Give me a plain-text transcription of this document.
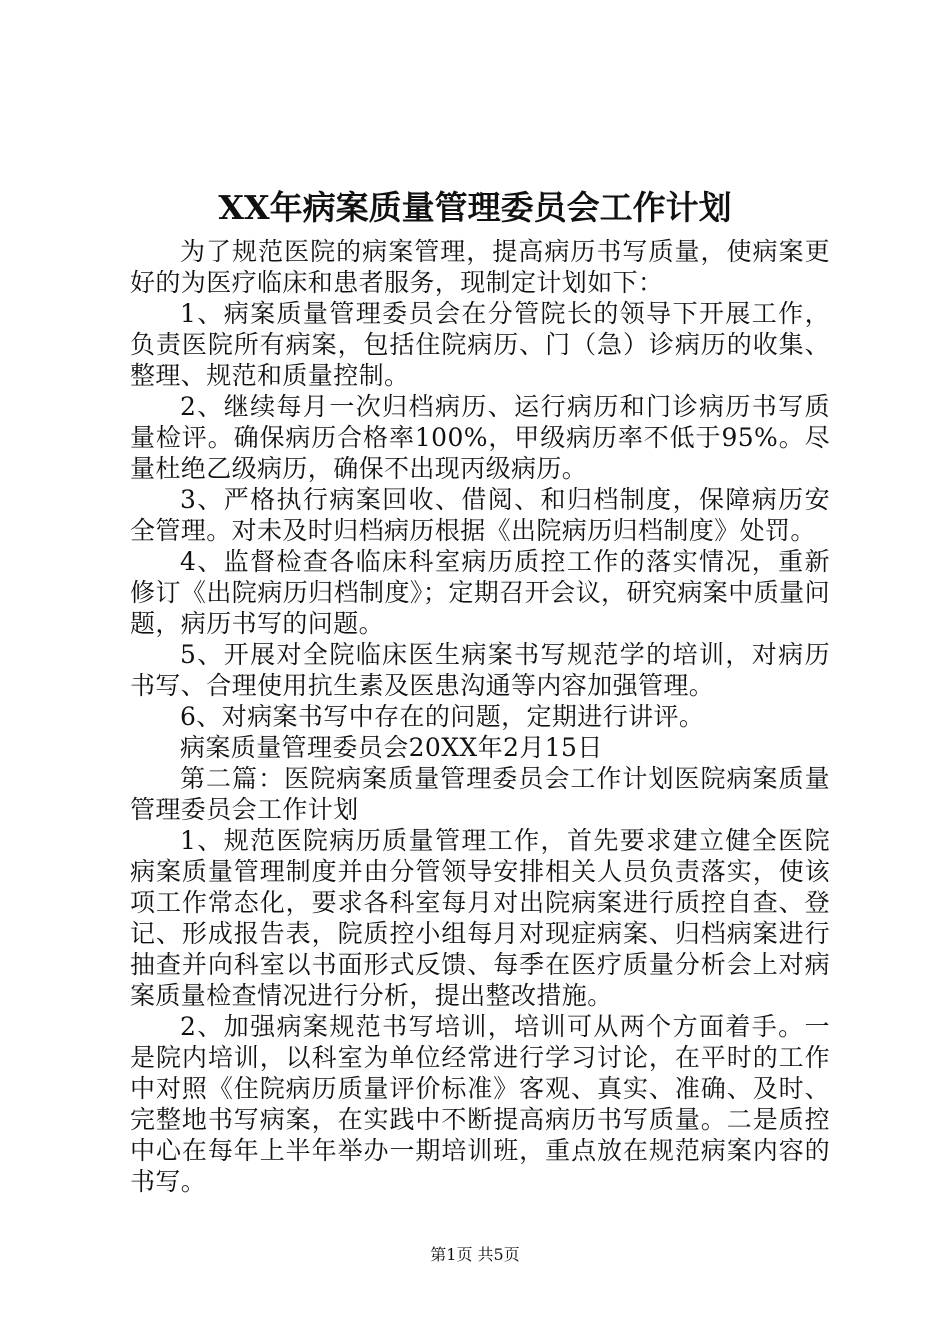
XX年病案质量管理委员会工作计划

为了规范医院的病案管理，提高病历书写质量，使病案更好的为医疗临床和患者服务，现制定计划如下：

1、病案质量管理委员会在分管院长的领导下开展工作，负责医院所有病案，包括住院病历、门（急）诊病历的收集、整理、规范和质量控制。

2、继续每月一次归档病历、运行病历和门诊病历书写质量检评。确保病历合格率100%，甲级病历率不低于95%。尽量杜绝乙级病历，确保不出现丙级病历。

3、严格执行病案回收、借阅、和归档制度，保障病历安全管理。对未及时归档病历根据《出院病历归档制度》处罚。

4、监督检查各临床科室病历质控工作的落实情况，重新修订《出院病历归档制度》；定期召开会议，研究病案中质量问题，病历书写的问题。

5、开展对全院临床医生病案书写规范学的培训，对病历书写、合理使用抗生素及医患沟通等内容加强管理。

6、对病案书写中存在的问题，定期进行讲评。

病案质量管理委员会20XX年2月15日

第二篇：医院病案质量管理委员会工作计划医院病案质量管理委员会工作计划

1、规范医院病历质量管理工作，首先要求建立健全医院病案质量管理制度并由分管领导安排相关人员负责落实，使该项工作常态化，要求各科室每月对出院病案进行质控自查、登记、形成报告表，院质控小组每月对现症病案、归档病案进行抽查并向科室以书面形式反馈、每季在医疗质量分析会上对病案质量检查情况进行分析，提出整改措施。

2、加强病案规范书写培训，培训可从两个方面着手。一是院内培训，以科室为单位经常进行学习讨论，在平时的工作中对照《住院病历质量评价标准》客观、真实、准确、及时、完整地书写病案，在实践中不断提高病历书写质量。二是质控中心在每年上半年举办一期培训班，重点放在规范病案内容的书写。

第1页 共5页
